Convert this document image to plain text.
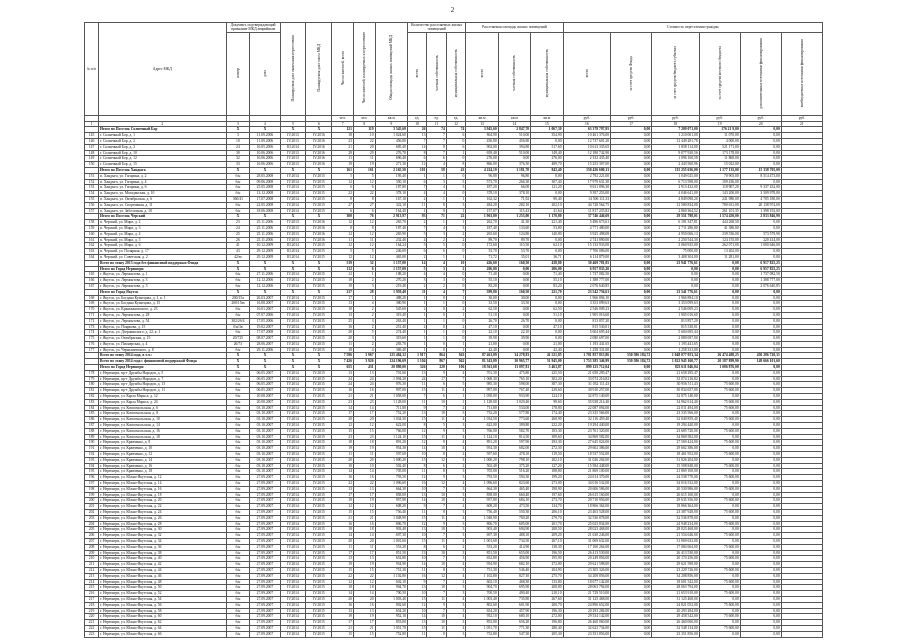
2
№ п/п	Адрес МКД	Документ, подтверждающий признание МКД аварийным		Планируемая дата окончания переселения	Планируемая дата сноса МКД	Число жителей, всего	Число жителей, планируемых к переселению	Общая площадь жилых помещений МКД	Количество расселяемых жилых помещений			Расселяемая площадь жилых помещений			Стоимость переселения граждан					
		номер	дата						всего	частная собственность	муниципальная собственность	всего	частная собственность	муниципальная собственность	всего	за счет средств Фонда	за счет средств бюджета субъекта	за счет средств местного бюджета	дополнительные источники финансирования	внебюджетные источники финансирования

						чел.	чел.	кв.м	ед.	ед.	ед.	кв.м	кв.м	кв.м	руб.	руб.	руб.	руб.	руб.	руб.
1	2	3	4	5	6	7	8	9	10	11	12	13	14	15	16	17	18	19	20	21
	Итого по Поселок Солнечный Бор	X	X	X	X	121	119	3 545,60	26	74	74	3 945,60	2 847,70	1 067,30	63 378 797,95	0,00	7 209 071,00	176 21 9,00	0,00	
145	г. Солнечный Бор, д. 1	3	11.09.2006	IV.2013	IV.2016	18	10	1 024,60	13	7	6	864,90	510,00	354,90	10 461 376,00	0,00	1 210 061,00	11 070,00	0,00	
146	г. Солнечный Бор, д. 2	10	11.09.2006	IV.2013	IV.2016	23	22	456,80	7	7	0	456,80	456,80	0,00	12 737 601,20	0,00	12 449 281,78	4 000,00	0,00	
147	г. Солнечный Бор, д. 3	24	16.05.2006	III.2014	IV.2016	21	20	685,40	14	8	6	902,00	394,80	517,60	10 613 335,65	0,00	1 858 114,00	521 171,00	0,00	
148	г. Солнечный Бор, д. 10	30	10.06.2006	IV.2013	IV.2016	29	29	276,70	8	7	1	659,40	510,00	149,40	12 180 742,90	0,00	9 077 920,56	173 178,00	0,00	
149	г. Солнечный Бор, д. 12	32	16.06.2006	IV.2013	IV.2016	11	11	696,40	6	6	0	276,00	0,00	276,00	2 332 435,40	0,00	1 096 160,58	11 868,00	0,00	
150	г. Солнечный Бор, д. 15	33	16.06.2006	IV.2013	IV.2016	19	19	271,30	12	4	8	866,00	376,30	489,70	15 253 307,00	0,00	2 443 560,96	15 022,00	0,00	
	Итого по Поселок Хандыга	X	X	X	X	161	161	2 165,50	101	58	43	4 224,10	1 181,70	842,40	150 426 600,13	0,00	115 255 636,00	1 177 135,00	15 338 705,00	
151	п. Хандыга, ул. Гагарина, д. 2	б/н	28.05.2008	IV.2014	IV.2015	5	5	195,40	1	1	0	96,80	96,80	0,00	2 792 221,00	0,00	1 049 025,00	70 903,00	8 514 473,00	
152	п. Хандыга, ул. Гагарина, д. 4	б/н	09.06.2008	IV.2014	IV.2015	12	12	350,10	6	3	3	573,70	266,30	307,40	17 979 631,30	0,00	6 713 598,00	109 436,00	0,00	
153	п. Хандыга, ул. Гагарина, д. 6	б/н	25.05.2008	IV.2014	IV.2015	6	6	187,80	7	4	3	187,20	66,00	121,20	9 631 896,30	0,00	2 913 432,00	118 907,20	9 337 432,00	
154	п. Хандыга, ул. Магаданская, д. 10	б/н	13.12.2008	IV.2014	IV.2015	22	22	378,10	4	4	0	378,10	378,10	0,00	9 397 253,00	0,00	4 046 641,00	143 200,00	3 509 978,00	
155	п. Хандыга, ул. Октябрьская, д. 6	360/41	17.07.2008	IV.2014	IV.2015	8	8	167,10	2	1	1	162,32	71,92	90,40	14 506 111,33	0,00	4 849 098,20	241 980,00	4 705 180,00	
156	п. Хандыга, ул. Спортивная, д. 11	б/н	22.05.2008	IV.2014	IV.2015	27	27	322,10	11	8	3	484,20	282,10	202,10	44 728 564,75	0,00	12 580 834,00	780 631,00	20 138 974,00	
157	п. Хандыга, ул. Заболотная, д. 10	б/н	18.06.2008	IV.2014	IV.2015	6	6	164,40	1	0	1	157,07	115,43	41,64	11 817 235,82	0,00	2 860 364,52	261 101,35	1 398 192,00	
	Итого по Поселок Черский	X	X	X	X	300	76	2 913,97	93	71	22	1 963,80	1 253,00	1 170,80	37 746 446,69	0,00	29 551 798,01	1 574 450,00	2 833 846,90	
158	п. Черский, ул. Мира, д. 2	23	25.11.2006	IV.2013	IV.2016	12	12	265,70	2	1	1	262,70	41,30	221,40	5 486 673,61	0,00	6 181 347,81	444 268,50	0,00	
159	п. Черский, ул. Мира, д. 3	24	25.11.2006	IV.2013	IV.2016	8	8	187,40	7	4	3	187,40	133,60	53,80	4 771 480,00	0,00	2 711 286,80	41 386,00	0,00	
160	п. Черский, ул. Мира, д. 4	25	25.11.2006	IV.2013	IV.2016	12	12	265,90	5	3	2	265,60	124,80	140,80	5 925 498,08	0,00	4 950 066,13	239 536,00	573 579,90	
161	п. Черский, ул. Мира, д. 5	26	25.11.2006	IV.2013	IV.2016	11	11	232,40	4	2	2	89,70	89,70	0,00	2 741 890,00	0,00	2 250 544,30	124 155,00	220 414,00	
162	п. Черский, ул. Мира, д. 6	41	10.12.2009	III.2014	IV.2015	12	12	164,24	5	5	0	172,60	110,50	62,10	15 133 933,00	0,00	3 060 925,00	262 071,00	1 000 646,00	
163	п. Черский, ул. Полярная, д. 17	43	29.12.2009	III.2014	IV.2015	5	5	246,00	6	6	0	53,70	53,70	0,00	7 706 086,00	0,00	75 000,00	13 402,00	0,00	
164	п. Черский, ул. Советская, д. 2	42/ю	29.12.2009	III.2014	IV.2015	12	12	465,00	2	1	1	71,72	35,01	36,71	6 114 879,00	0,00	3 408 304,00	11 281,00	0,00	
	Всего по этапу 2013 года без финансовой поддержки Фонда	X	X	X	X	519	32	1 157,00	14	4	10	426,60	160,50	438,80	30 469 781,05	0,00	23 941 776,61	0,00	6 917 825,25	
	Итого по Город Нерюнгри	X	X	X	X	112	6	1 157,00	5	3	2	206,00	0,00	206,00	6 957 835,20	0,00	0,00	0,00	6 957 825,25	
165	г. Якутск, ул. Лермонтова, д. 1	б/н	27.11.2006	IV.2014	IV.2015	12	1	188,20	4	4	0	71,40	0,00	71,40	1 737 082,50	0,00	0,00	0,00	1 737 082,50	
166	г. Якутск, ул. Лермонтова, д. 3	б/н	12.12.2006	IV.2014	IV.2015	18	2	270,20	3	3	0	55,10	0,00	55,10	1 388 777,00	0,00	0,00	0,00	1 388 777,00	
167	г. Якутск, ул. Лермонтова, д. 5	б/н	12.12.2006	IV.2014	IV.2015	19	3	219,40	2	2	0	83,20	0,00	83,20	2 076 640,85	0,00	0,00	0,00	2 076 640,85	
	Итого по Город Якутск	X	X	X	X	217	28	1 959,40	11	4	7	399,80	160,50	221,70	23 542 756,61	0,00	23 541 776,61	0,00	0,00	
168	г. Якутск, ул. Богдана Кузнецова, д. 1, к. 1	200/15a	26.03.2007	IV.2014	IV.2015	17	1	488,20	1	0	1	30,00	30,00	0,00	1 966 894,10	0,00	1 966 894,10	0,00	0,00	
169	г. Якутск, ул. Богдана Кузнецова, д. 15	200/15m	16.08.2007	IV.2014	IV.2015	13	4	380,90	1	1	0	33,50	33,50	0,00	3 353 099,63	0,00	3 353 099,63	0,00	0,00	
170	г. Якутск, ул. Кржижановского, д. 23	б/н	16.01.2007	IV.2014	IV.2015	18	2	545,60	2	0	2	62,50	0,00	62,50	2 546 009,23	0,00	2 546 009,23	0,00	0,00	
171	г. Якутск, ул. Лермонтова, д. 28	б/н	07.07.2006	IV.2014	IV.2015	13	2	319,40	1	0	1	51,10	0,00	51,10	1 905 016,60	0,00	1 905 016,60	0,00	0,00	
172	г. Якутск, ул. Лермонтова, д. 54	302/2б/4	17.05.2006	IV.2014	IV.2015	25	3	263,40	1	1	0	26,70	26,70	0,00	813 857,20	0,00	813 857,20	0,00	0,00	
173	г. Якутск, ул. Пояркова, д. 15	б/н/3в	19.02.2007	IV.2014	IV.2015	16	2	251,40	2	0	2	47,10	0,00	47,10	815 530,01	0,00	815 530,01	0,00	0,00	
174	г. Якутск, ул. Дзержинского, д. 22, к. 1	б/н	17.07.2008	IV.2014	IV.2015	20	5	274,40	1	1	0	22,10	22,10	0,00	5 604 695,44	0,00	5 604 695,44	0,00	0,00	
175	г. Якутск, ул. Октябрьская, д. 15	20/725	08.07.2007	IV.2014	IV.2015	20	3	319,60	1	1	0	39,90	39,90	0,00	2 080 697,00	0,00	2 080 697,00	0,00	0,00	
176	г. Якутск, ул. Пионерская, д. 4	26/73	28.06.2007	IV.2014	IV.2015	11	2	283,70	1	0	1	21,00	0,00	21,00	1 193 441,65	0,00	1 193 441,65	0,00	0,00	
177	г. Якутск, ул. Чернышевского, д. 8	б/н	29.11.2006	IV.2014	IV.2015	18	4	369,40	1	0	1	42,40	0,00	42,40	1 258 331,00	0,00	1 258 331,00	0,00	0,00	
	Всего по этапу 2014 года, в т.ч.:	X	X	X	X	7 596	3 967	125 484,32	1 917	864	943	87 461,09	34 278,83	41 521,85	1 781 857 815,86	550 586 184,72	1 048 077 053,34	26 474 408,25	450 286 720,31	
	Всего по этапу 2014 года с финансовой поддержкой Фонда	X	X	X	X	7 426	3 926	124 196,69	1 104	867	942	81 343,09	30 965,77	51 945,00	1 753 385 346,99	550 586 184,72	1 022 945 160,77	20 187 899,90	149 666 101,60	
	Итого по Город Нерюнгри	X	X	X	X	655	431	20 880,00	326	220	106	18 561,68	13 097,81	5 463,87	899 125 712,04	0,00	823 611 046,04	1 006 876,00	0,00	
178	г. Нерюнгри, пр-т Дружбы Народов, д. 5	б/н	06.05.2007	IV.2014	IV.2015	13	13	701,60	13	9	4	701,30	475,80	225,50	21 658 295,47	0,00	21 658 295,47	0,00	0,00	
179	г. Нерюнгри, пр-т Дружбы Народов, д. 7	б/н	06.05.2007	IV.2014	IV.2015	24	24	1 094,20	24	17	7	1 068,30	765,10	303,20	33 074 216,82	0,00	33 074 216,82	0,00	0,00	
180	г. Нерюнгри, пр-т Дружбы Народов, д. 13	б/н	06.05.2007	IV.2014	IV.2015	24	24	976,30	11	6	5	985,30	598,00	387,30	31 032 111,43	0,00	30 956 511,43	75 600,00	0,00	
181	г. Нерюнгри, пр-т Дружбы Народов, д. 11	б/н	06.05.2007	IV.2014	IV.2015	16	16	997,00	15	11	4	997,00	767,40	229,60	30 910 257,00	0,00	30 834 657,00	75 600,00	0,00	
182	г. Нерюнгри, ул. Карла Маркса, д. 12	б/н	20.08.2007	IV.2014	IV.2015	21	21	1 058,00	7	6	1	1 058,00	933,90	124,10	32 875 140,00	0,00	32 875 140,00	0,00	0,00	
183	г. Нерюнгри, ул. Карла Маркса, д. 24	б/н	20.08.2007	IV.2014	IV.2015	23	23	1 128,00	11	10	1	1 128,00	1 029,40	98,60	35 038 214,40	0,00	34 962 614,40	75 600,00	0,00	
184	г. Нерюнгри, ул. Комсомольская, д. 6	б/н	03.10.2007	IV.2014	IV.2015	14	14	711,80	9	7	2	711,80	533,00	178,80	22 087 094,00	0,00	22 011 494,00	75 600,00	0,00	
185	г. Нерюнгри, ул. Комсомольская, д. 8	б/н	03.10.2007	IV.2014	IV.2015	17	17	752,20	13	10	3	752,20	577,80	174,40	23 335 566,00	0,00	23 335 566,00	0,00	0,00	
186	г. Нерюнгри, ул. Комсомольская, д. 10	б/н	03.10.2007	IV.2014	IV.2015	20	20	1 034,50	15	11	4	1 034,50	773,60	260,90	32 116 459,40	0,00	32 040 859,40	75 600,00	0,00	
187	г. Нерюнгри, ул. Комсомольская, д. 14	б/н	03.10.2007	IV.2014	IV.2015	12	12	622,00	8	5	3	622,00	399,80	222,20	19 294 440,00	0,00	19 294 440,00	0,00	0,00	
188	г. Нерюнгри, ул. Комсомольская, д. 16	б/н	03.10.2007	IV.2014	IV.2015	15	15	766,00	12	9	3	766,00	582,70	183,30	23 761 320,00	0,00	23 685 720,00	75 600,00	0,00	
189	г. Нерюнгри, ул. Комсомольская, д. 18	б/н	03.10.2007	IV.2014	IV.2015	23	23	1 124,10	15	11	4	1 124,10	814,50	309,60	34 869 582,00	0,00	34 869 582,00	0,00	0,00	
190	г. Нерюнгри, ул. Кравченко, д. 8	б/н	03.10.2007	IV.2014	IV.2015	18	18	891,20	12	8	4	891,20	597,90	293,30	27 645 024,00	0,00	27 569 424,00	75 600,00	0,00	
191	г. Нерюнгри, ул. Кравченко, д. 10	б/н	03.10.2007	IV.2014	IV.2015	19	19	954,30	14	10	4	954,30	682,00	272,30	29 602 386,00	0,00	29 602 386,00	0,00	0,00	
192	г. Нерюнгри, ул. Кравченко, д. 12	б/н	03.10.2007	IV.2014	IV.2015	11	11	597,60	10	8	2	597,60	478,10	119,50	18 537 552,00	0,00	18 461 952,00	75 600,00	0,00	
193	г. Нерюнгри, ул. Кравченко, д. 14	б/н	03.10.2007	IV.2014	IV.2015	20	20	1 000,20	15	12	3	1 000,20	798,10	202,10	31 026 204,00	0,00	31 026 204,00	0,00	0,00	
194	г. Нерюнгри, ул. Кравченко, д. 16	б/н	03.10.2007	IV.2014	IV.2015	10	10	502,40	8	6	2	502,40	375,20	127,20	15 584 448,00	0,00	15 508 848,00	75 600,00	0,00	
195	г. Нерюнгри, ул. Кравченко, д. 18	б/н	03.10.2007	IV.2014	IV.2015	14	14	705,00	11	8	3	705,00	516,20	188,80	21 869 100,00	0,00	21 869 100,00	0,00	0,00	
196	г. Нерюнгри, ул. Южно-Якутская, д. 12	б/н	27.09.2007	IV.2014	IV.2015	16	16	793,50	12	9	3	793,50	594,30	199,20	24 614 370,00	0,00	24 538 770,00	75 600,00	0,00	
197	г. Нерюнгри, ул. Южно-Якутская, д. 14	б/н	27.09.2007	IV.2014	IV.2015	22	22	1 096,60	16	12	4	1 096,60	823,60	273,00	34 016 532,00	0,00	34 016 532,00	0,00	0,00	
198	г. Нерюнгри, ул. Южно-Якутская, д. 16	б/н	27.09.2007	IV.2014	IV.2015	13	13	664,30	10	7	3	664,30	465,40	198,90	20 606 586,00	0,00	20 530 986,00	75 600,00	0,00	
199	г. Нерюнгри, ул. Южно-Якутская, д. 18	б/н	27.09.2007	IV.2014	IV.2015	17	17	858,00	13	10	3	858,00	660,40	197,60	26 615 160,00	0,00	26 615 160,00	0,00	0,00	
200	г. Нерюнгри, ул. Южно-Якутская, д. 20	б/н	27.09.2007	IV.2014	IV.2015	19	19	957,80	14	10	4	957,80	684,10	273,70	29 710 956,00	0,00	29 635 356,00	75 600,00	0,00	
201	г. Нерюнгри, ул. Южно-Якутская, д. 22	б/н	27.09.2007	IV.2014	IV.2015	12	12	608,20	9	7	2	608,20	473,50	134,70	18 866 364,00	0,00	18 866 364,00	0,00	0,00	
202	г. Нерюнгри, ул. Южно-Якутская, д. 24	б/н	27.09.2007	IV.2014	IV.2015	15	15	756,40	11	8	3	756,40	550,30	206,10	23 463 528,00	0,00	23 387 928,00	75 600,00	0,00	
203	г. Нерюнгри, ул. Южно-Якутская, д. 26	б/н	27.09.2007	IV.2014	IV.2015	21	21	1 048,90	15	11	4	1 048,90	769,20	279,70	32 536 878,00	0,00	32 536 878,00	0,00	0,00	
204	г. Нерюнгри, ул. Южно-Якутская, д. 28	б/н	27.09.2007	IV.2014	IV.2015	16	16	806,70	12	9	3	806,70	605,00	201,70	25 023 834,00	0,00	24 948 234,00	75 600,00	0,00	
205	г. Нерюнгри, ул. Южно-Якутская, д. 30	б/н	27.09.2007	IV.2014	IV.2015	18	18	903,40	13	10	3	903,40	694,90	208,50	28 023 468,00	0,00	28 023 468,00	0,00	0,00	
206	г. Нерюнгри, ул. Южно-Якутская, д. 32	б/н	27.09.2007	IV.2014	IV.2015	14	14	697,30	10	7	3	697,30	488,10	209,20	21 630 246,00	0,00	21 554 646,00	75 600,00	0,00	
207	г. Нерюнгри, ул. Южно-Якутская, д. 34	б/н	27.09.2007	IV.2014	IV.2015	20	20	1 001,60	15	11	4	1 001,60	734,50	267,10	31 069 632,00	0,00	31 069 632,00	0,00	0,00	
208	г. Нерюнгри, ул. Южно-Якутская, д. 36	б/н	27.09.2007	IV.2014	IV.2015	11	11	553,20	8	6	2	553,20	414,90	138,30	17 160 264,00	0,00	17 084 664,00	75 600,00	0,00	
209	г. Нерюнгри, ул. Южно-Якутская, д. 38	б/н	27.09.2007	IV.2014	IV.2015	17	17	851,50	13	10	3	851,50	655,00	196,50	26 413 530,00	0,00	26 413 530,00	0,00	0,00	
210	г. Нерюнгри, ул. Южно-Якутская, д. 40	б/н	27.09.2007	IV.2014	IV.2015	13	13	652,80	10	7	3	652,80	456,90	195,90	20 249 856,00	0,00	20 174 256,00	75 600,00	0,00	
211	г. Нерюнгри, ул. Южно-Якутская, д. 42	б/н	27.09.2007	IV.2014	IV.2015	19	19	954,90	14	10	4	954,90	682,10	272,80	29 621 598,00	0,00	29 621 598,00	0,00	0,00	
212	г. Нерюнгри, ул. Южно-Якутская, д. 44	б/н	27.09.2007	IV.2014	IV.2015	15	15	751,30	11	8	3	751,30	546,40	204,90	23 305 326,00	0,00	23 229 726,00	75 600,00	0,00	
213	г. Нерюнгри, ул. Южно-Якутская, д. 46	б/н	27.09.2007	IV.2014	IV.2015	22	22	1 102,80	16	12	4	1 102,80	827,10	275,70	34 208 856,00	0,00	34 208 856,00	0,00	0,00	
214	г. Нерюнгри, ул. Южно-Якутская, д. 48	б/н	27.09.2007	IV.2014	IV.2015	12	12	602,10	9	7	2	602,10	468,30	133,80	18 677 142,00	0,00	18 601 542,00	75 600,00	0,00	
215	г. Нерюнгри, ул. Южно-Якутская, д. 50	б/н	27.09.2007	IV.2014	IV.2015	18	18	904,70	13	10	3	904,70	695,90	208,80	28 063 794,00	0,00	28 063 794,00	0,00	0,00	
216	г. Нерюнгри, ул. Южно-Якутская, д. 52	б/н	27.09.2007	IV.2014	IV.2015	14	14	700,50	10	7	3	700,50	490,40	210,10	21 729 510,00	0,00	21 653 910,00	75 600,00	0,00	
217	г. Нерюнгри, ул. Южно-Якутская, д. 54	б/н	27.09.2007	IV.2014	IV.2015	20	20	1 003,40	15	11	4	1 003,40	735,80	267,60	31 125 468,00	0,00	31 125 468,00	0,00	0,00	
218	г. Нерюнгри, ул. Южно-Якутская, д. 56	б/н	27.09.2007	IV.2014	IV.2015	16	16	802,60	12	9	3	802,60	601,90	200,70	24 896 652,00	0,00	24 821 052,00	75 600,00	0,00	
219	г. Нерюнгри, ул. Южно-Якутская, д. 58	б/н	27.09.2007	IV.2014	IV.2015	13	13	654,20	10	7	3	654,20	457,90	196,30	20 293 284,00	0,00	20 293 284,00	0,00	0,00	
220	г. Нерюнгри, ул. Южно-Якутская, д. 60	б/н	27.09.2007	IV.2014	IV.2015	19	19	952,10	14	10	4	952,10	680,10	272,00	29 534 142,00	0,00	29 458 542,00	75 600,00	0,00	
221	г. Нерюнгри, ул. Южно-Якутская, д. 62	б/н	27.09.2007	IV.2014	IV.2015	17	17	853,00	13	10	3	853,00	656,20	196,80	26 460 060,00	0,00	26 460 060,00	0,00	0,00	
222	г. Нерюнгри, ул. Южно-Якутская, д. 64	б/н	27.09.2007	IV.2014	IV.2015	21	21	1 051,70	15	11	4	1 051,70	771,30	280,40	32 623 734,00	0,00	32 548 134,00	75 600,00	0,00	
223	г. Нерюнгри, ул. Южно-Якутская, д. 66	б/н	27.09.2007	IV.2014	IV.2015	15	15	752,80	11	8	3	752,80	547,50	205,30	23 351 856,00	0,00	23 351 856,00	0,00	0,00	
